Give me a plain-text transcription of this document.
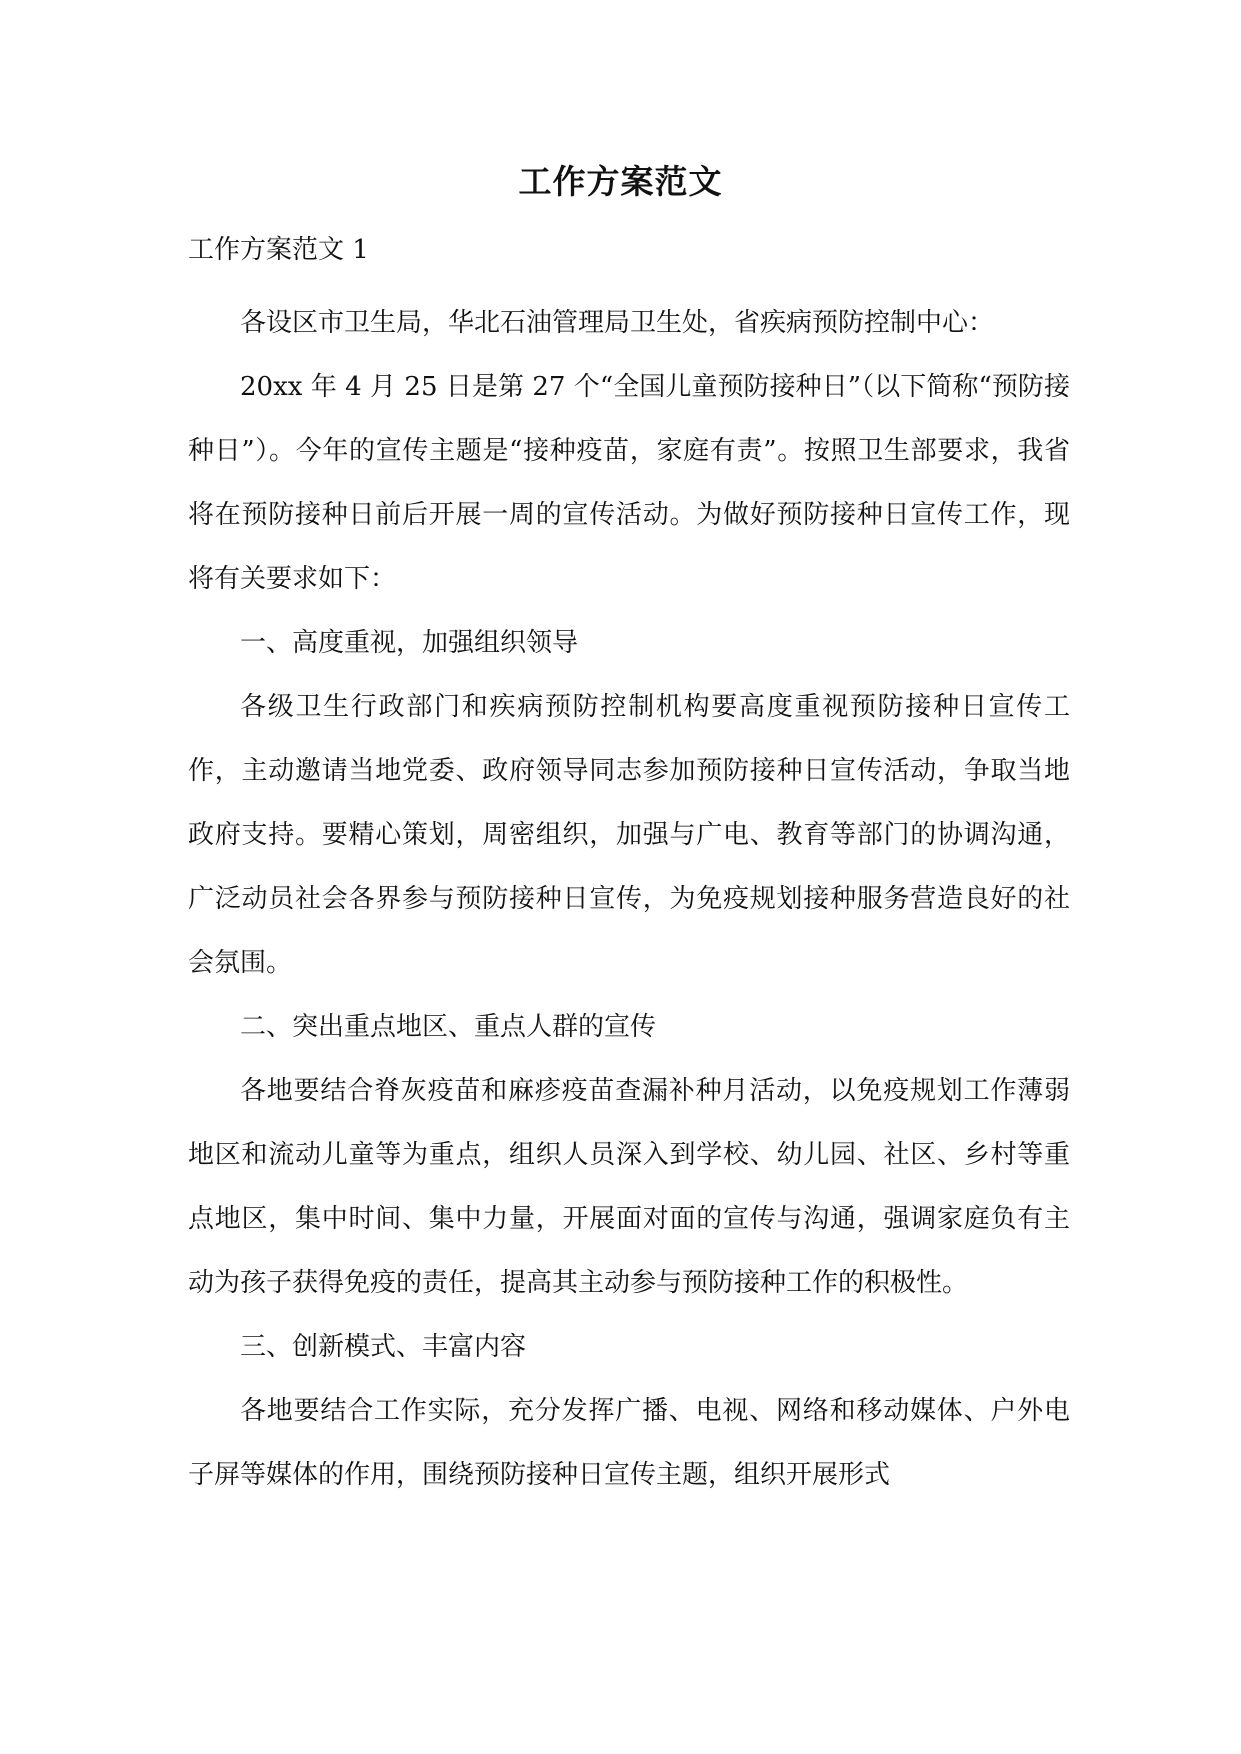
工作方案范文
工作方案范文 1

各设区市卫生局，华北石油管理局卫生处，省疾病预防控制中心：

20xx 年 4 月 25 日是第 27 个“全国儿童预防接种日”（以下简称“预防接种日”）。今年的宣传主题是“接种疫苗，家庭有责”。按照卫生部要求，我省将在预防接种日前后开展一周的宣传活动。为做好预防接种日宣传工作，现将有关要求如下：

一、高度重视，加强组织领导

各级卫生行政部门和疾病预防控制机构要高度重视预防接种日宣传工作，主动邀请当地党委、政府领导同志参加预防接种日宣传活动，争取当地政府支持。要精心策划，周密组织，加强与广电、教育等部门的协调沟通，广泛动员社会各界参与预防接种日宣传，为免疫规划接种服务营造良好的社会氛围。

二、突出重点地区、重点人群的宣传

各地要结合脊灰疫苗和麻疹疫苗查漏补种月活动，以免疫规划工作薄弱地区和流动儿童等为重点，组织人员深入到学校、幼儿园、社区、乡村等重点地区，集中时间、集中力量，开展面对面的宣传与沟通，强调家庭负有主动为孩子获得免疫的责任，提高其主动参与预防接种工作的积极性。

三、创新模式、丰富内容

各地要结合工作实际，充分发挥广播、电视、网络和移动媒体、户外电子屏等媒体的作用，围绕预防接种日宣传主题，组织开展形式
